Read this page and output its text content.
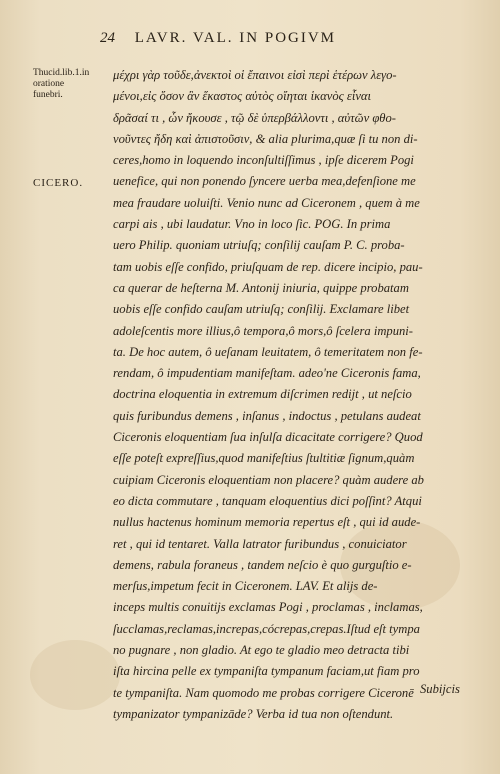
24 LAVR. VAL. IN POGIVM
Thucid.lib.1.in oratione funebri.
CICERO.
μέχρι γὰρ τοῦδε,ἀνεκτοὶ οἱ ἔπαινοι εἰσὶ περὶ ἑτέρων λεγο-
μένοι,εἰς ὅσον ἂν ἕκαστος αὐτὸς οἴηται ἱκανὸς εἶναι
δρᾶσαί τι , ὧν ἤκουσε , τῷ δὲ ὑπερβάλλοντι , αὐτῶν φθο-
νοῦντες ἤδη καὶ ἀπιστοῦσιν, & alia plurima,quæ ſi tu non di-
ceres,homo in loquendo inconſultiſſimus , ipſe dicerem Pogi
uenefice, qui non ponendo ſyncere uerba mea,defenſione me
mea fraudare uoluiſti. Venio nunc ad Ciceronem , quem à me
carpi ais , ubi laudatur. Vno in loco ſic. POG. In prima
uero Philip. quoniam utriuſq; conſilij cauſam P. C. proba-
tam uobis eſſe confido, priuſquam de rep. dicere incipio, pau-
ca querar de heſterna M. Antonij iniuria, quippe probatam
uobis eſſe confido cauſam utriuſq; conſilij. Exclamare libet
adoleſcentis more illius,ô tempora,ô mors,ô ſcelera impuni-
ta. De hoc autem, ô ueſanam leuitatem, ô temeritatem non fe-
rendam, ô impudentiam manifeſtam. adeo'ne Ciceronis fama,
doctrina eloquentia in extremum diſcrimen redijt , ut neſcio
quis furibundus demens , inſanus , indoctus , petulans audeat
Ciceronis eloquentiam ſua inſulſa dicacitate corrigere? Quod
eſſe poteſt expreſſius,quod manifeſtius ſtultitiæ ſignum,quàm
cuipiam Ciceronis eloquentiam non placere? quàm audere ab
eo dicta commutare , tanquam eloquentius dici poſſint? Atqui
nullus hactenus hominum memoria repertus eſt , qui id aude-
ret , qui id tentaret. Valla latrator furibundus , conuiciator
demens, rabula foraneus , tandem neſcio è quo gurguſtio e-
merſus,impetum fecit in Ciceronem. LAV. Et alijs de-
inceps multis conuitijs exclamas Pogi , proclamas , inclamas,
ſucclamas,reclamas,increpas,cócrepas,crepas.Iſtud eſt tympa
no pugnare , non gladio. At ego te gladio meo detracta tibi
iſta hircina pelle ex tympaniſta tympanum faciam,ut fiam pro
te tympaniſta. Nam quomodo me probas corrigere Ciceronē
tympanizator tympanizāde? Verba id tua non oſtendunt.
Subijcis
